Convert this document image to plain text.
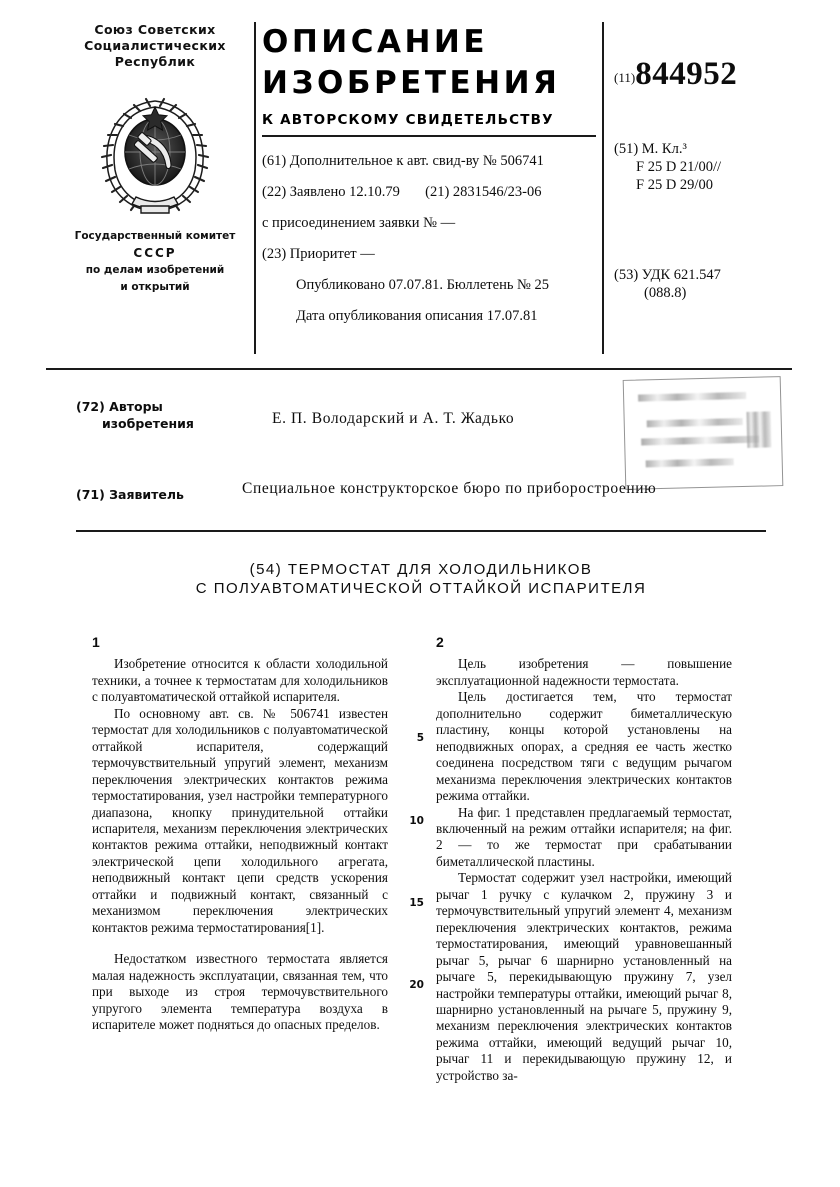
Союз Советских
Социалистических
Республик
Государственный комитет
СССР
по делам изобретений
и открытий
ОПИСАНИЕ
ИЗОБРЕТЕНИЯ
К АВТОРСКОМУ СВИДЕТЕЛЬСТВУ
(61) Дополнительное к авт. свид-ву № 506741
(22) Заявлено 12.10.79 (21) 2831546/23-06
с присоединением заявки № —
(23) Приоритет —
Опубликовано 07.07.81. Бюллетень № 25
Дата опубликования описания 17.07.81
(11)844952
(51) М. Кл.³
F 25 D 21/00//
F 25 D 29/00
(53) УДК 621.547
(088.8)
(72) Авторы
изобретения	Е. П. Володарский и А. Т. Жадько
(71) Заявитель	Специальное конструкторское бюро по приборостроению
(54) ТЕРМОСТАТ ДЛЯ ХОЛОДИЛЬНИКОВ
С ПОЛУАВТОМАТИЧЕСКОЙ ОТТАЙКОЙ ИСПАРИТЕЛЯ
1

Изобретение относится к области холодильной техники, а точнее к термостатам для холодильников с полуавтоматической оттайкой испарителя.

По основному авт. св. № 506741 известен термостат для холодильников с полуавтоматической оттайкой испарителя, содержащий термочувствительный упругий элемент, механизм переключения электрических контактов режима термостатирования, узел настройки температурного диапазона, кнопку принудительной оттайки испарителя, механизм переключения электрических контактов режима оттайки, неподвижный контакт электрической цепи холодильного агрегата, неподвижный контакт цепи средств ускорения оттайки и подвижный контакт, связанный с механизмом переключения электрических контактов режима термостатирования[1].

Недостатком известного термостата является малая надежность эксплуатации, связанная тем, что при выходе из строя термочувствительного упругого элемента температура воздуха в испарителе может подняться до опасных пределов.

5
10
15
20
2

Цель изобретения — повышение эксплуатационной надежности термостата.

Цель достигается тем, что термостат дополнительно содержит биметаллическую пластину, концы которой установлены на неподвижных опорах, а средняя ее часть жестко соединена посредством тяги с ведущим рычагом механизма переключения электрических контактов режима оттайки.

На фиг. 1 представлен предлагаемый термостат, включенный на режим оттайки испарителя; на фиг. 2 — то же термостат при срабатывании биметаллической пластины.

Термостат содержит узел настройки, имеющий рычаг 1 ручку с кулачком 2, пружину 3 и термочувствительный упругий элемент 4, механизм переключения электрических контактов, режима термостатирования, имеющий уравновешанный рычаг 5, рычаг 6 шарнирно установленный на рычаге 5, перекидывающую пружину 7, узел настройки температуры оттайки, имеющий рычаг 8, шарнирно установленный на рычаге 5, пружину 9, механизм переключения электрических контактов режима оттайки, имеющий ведущий рычаг 10, рычаг 11 и перекидывающую пружину 12, и устройство за-
